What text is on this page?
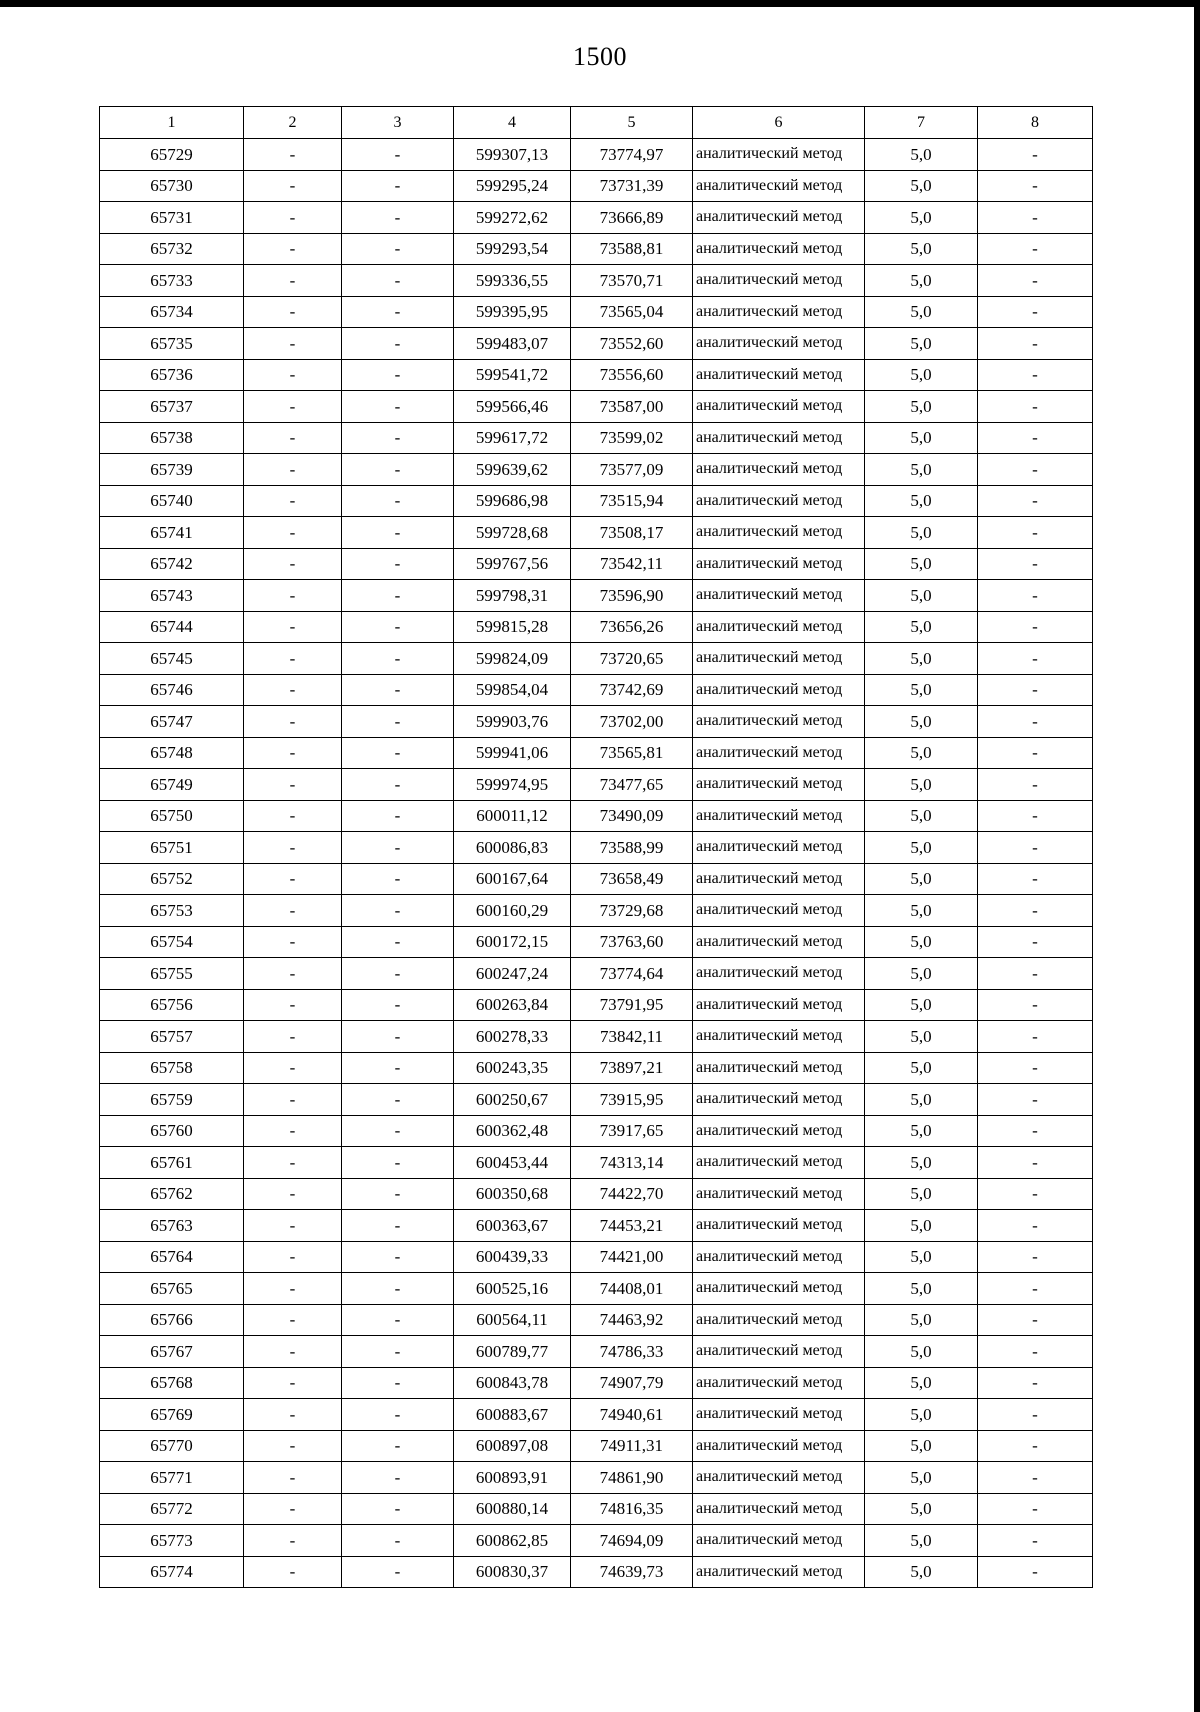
1500
1	2	3	4	5	6	7	8
65729	-	-	599307,13	73774,97	аналитический метод	5,0	-
65730	-	-	599295,24	73731,39	аналитический метод	5,0	-
65731	-	-	599272,62	73666,89	аналитический метод	5,0	-
65732	-	-	599293,54	73588,81	аналитический метод	5,0	-
65733	-	-	599336,55	73570,71	аналитический метод	5,0	-
65734	-	-	599395,95	73565,04	аналитический метод	5,0	-
65735	-	-	599483,07	73552,60	аналитический метод	5,0	-
65736	-	-	599541,72	73556,60	аналитический метод	5,0	-
65737	-	-	599566,46	73587,00	аналитический метод	5,0	-
65738	-	-	599617,72	73599,02	аналитический метод	5,0	-
65739	-	-	599639,62	73577,09	аналитический метод	5,0	-
65740	-	-	599686,98	73515,94	аналитический метод	5,0	-
65741	-	-	599728,68	73508,17	аналитический метод	5,0	-
65742	-	-	599767,56	73542,11	аналитический метод	5,0	-
65743	-	-	599798,31	73596,90	аналитический метод	5,0	-
65744	-	-	599815,28	73656,26	аналитический метод	5,0	-
65745	-	-	599824,09	73720,65	аналитический метод	5,0	-
65746	-	-	599854,04	73742,69	аналитический метод	5,0	-
65747	-	-	599903,76	73702,00	аналитический метод	5,0	-
65748	-	-	599941,06	73565,81	аналитический метод	5,0	-
65749	-	-	599974,95	73477,65	аналитический метод	5,0	-
65750	-	-	600011,12	73490,09	аналитический метод	5,0	-
65751	-	-	600086,83	73588,99	аналитический метод	5,0	-
65752	-	-	600167,64	73658,49	аналитический метод	5,0	-
65753	-	-	600160,29	73729,68	аналитический метод	5,0	-
65754	-	-	600172,15	73763,60	аналитический метод	5,0	-
65755	-	-	600247,24	73774,64	аналитический метод	5,0	-
65756	-	-	600263,84	73791,95	аналитический метод	5,0	-
65757	-	-	600278,33	73842,11	аналитический метод	5,0	-
65758	-	-	600243,35	73897,21	аналитический метод	5,0	-
65759	-	-	600250,67	73915,95	аналитический метод	5,0	-
65760	-	-	600362,48	73917,65	аналитический метод	5,0	-
65761	-	-	600453,44	74313,14	аналитический метод	5,0	-
65762	-	-	600350,68	74422,70	аналитический метод	5,0	-
65763	-	-	600363,67	74453,21	аналитический метод	5,0	-
65764	-	-	600439,33	74421,00	аналитический метод	5,0	-
65765	-	-	600525,16	74408,01	аналитический метод	5,0	-
65766	-	-	600564,11	74463,92	аналитический метод	5,0	-
65767	-	-	600789,77	74786,33	аналитический метод	5,0	-
65768	-	-	600843,78	74907,79	аналитический метод	5,0	-
65769	-	-	600883,67	74940,61	аналитический метод	5,0	-
65770	-	-	600897,08	74911,31	аналитический метод	5,0	-
65771	-	-	600893,91	74861,90	аналитический метод	5,0	-
65772	-	-	600880,14	74816,35	аналитический метод	5,0	-
65773	-	-	600862,85	74694,09	аналитический метод	5,0	-
65774	-	-	600830,37	74639,73	аналитический метод	5,0	-
